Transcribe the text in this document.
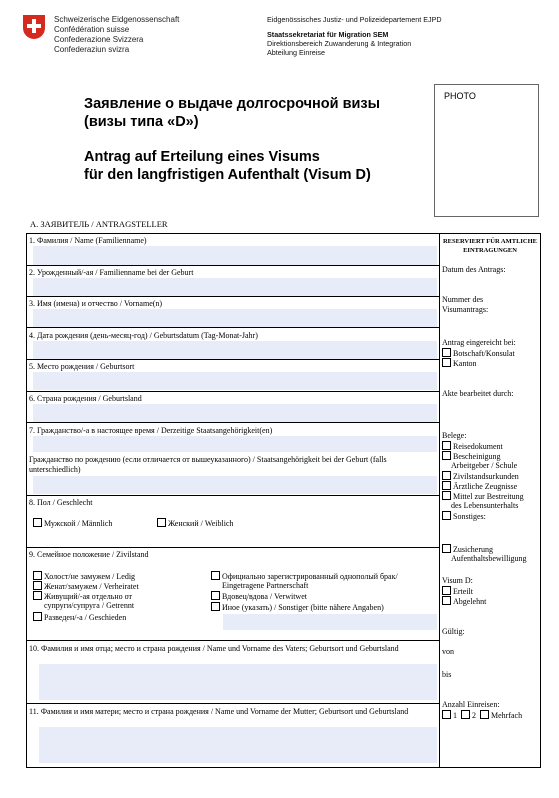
Schweizerische Eidgenossenschaft
Confédération suisse
Confederazione Svizzera
Confederaziun svizra
Eidgenössisches Justiz- und Polizeidepartement EJPD
Staatssekretariat für Migration SEM
Direktionsbereich Zuwanderung & Integration
Abteilung Einreise
PHOTO
Заявление о выдаче долгосрочной визы
(визы типа «D»)
Antrag auf Erteilung eines Visums
für den langfristigen Aufenthalt (Visum D)
A. ЗАЯВИТЕЛЬ / ANTRAGSTELLER
1. Фамилия / Name (Familienname)
2. Урожденный/-ая / Familienname bei der Geburt
3. Имя (имена) и отчество / Vorname(n)
4. Дата рождения (день-месяц-год) / Geburtsdatum (Tag-Monat-Jahr)
5. Место рождения / Geburtsort
6. Страна рождения / Geburtsland
7. Гражданство/-а в настоящее время / Derzeitige Staatsangehörigkeit(en)
Гражданство по рождению (если отличается от вышеуказанного) / Staatsangehörigkeit bei der Geburt (falls unterschiedlich)
8. Пол / Geschlecht
Мужской / Männlich	Женский / Weiblich
9. Семейное положение / Zivilstand
Холост/не замужем / Ledig
Женат/замужем / Verheiratet
Живущий/-ая отдельно от
супруги/супруга / Getrennt
Разведен/-а / Geschieden
Официально зарегистрированный однополый брак/
Eingetragene Partnerschaft
Вдовец/вдова / Verwitwet
Иное (указать) / Sonstiger (bitte nähere Angaben)
10. Фамилия и имя отца; место и страна рождения / Name und Vorname des Vaters; Geburtsort und Geburtsland
11. Фамилия и имя матери; место и страна рождения / Name und Vorname der Mutter; Geburtsort und Geburtsland
RESERVIERT FÜR AMTLICHE
EINTRAGUNGEN
Datum des Antrags:
Nummer des
Visumantrags:
Antrag eingereicht bei:
Botschaft/Konsulat
Kanton
Akte bearbeitet durch:
Belege:
Reisedokument
Bescheinigung
Arbeitgeber / Schule
Zivilstandsurkunden
Ärztliche Zeugnisse
Mittel zur Bestreitung
des Lebensunterhalts
Sonstiges:
Zusicherung
Aufenthaltsbewilligung
Visum D:
Erteilt
Abgelehnt
Gültig:
von
bis
Anzahl Einreisen:
1 2 Mehrfach
